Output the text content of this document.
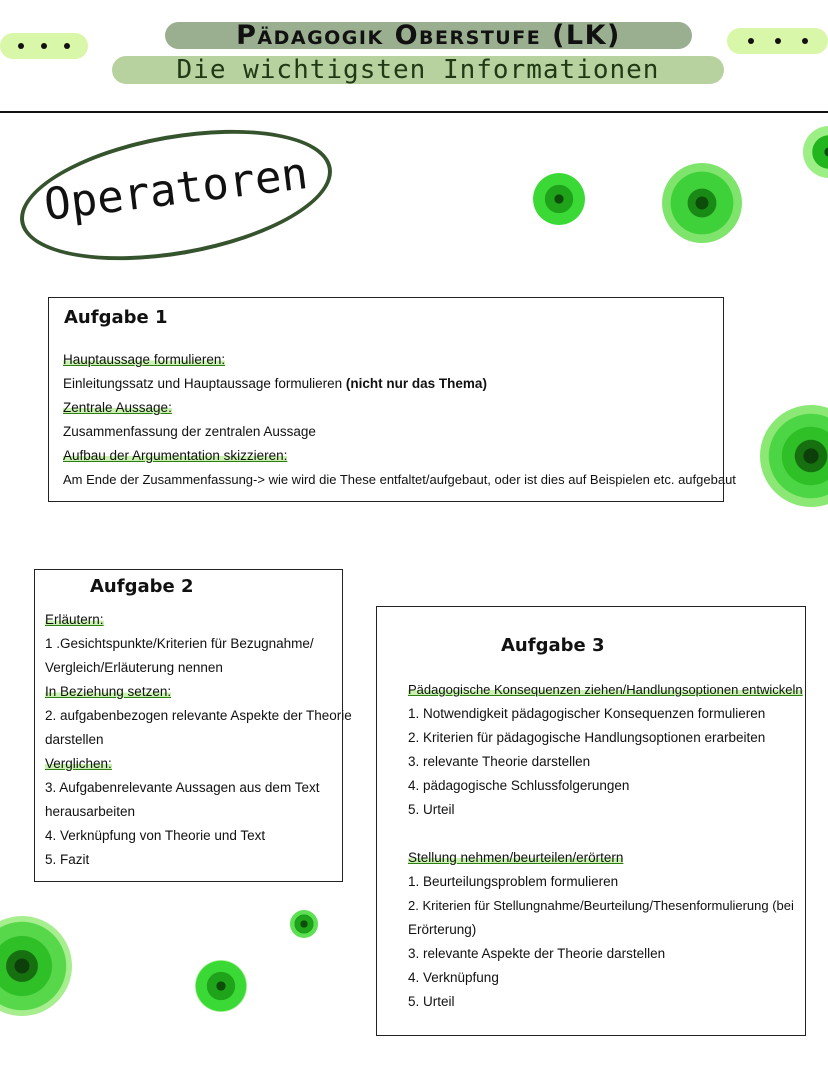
Pädagogik Oberstufe (LK)
Die wichtigsten Informationen
Operatoren
Aufgabe 1
Hauptaussage formulieren:
Einleitungssatz und Hauptaussage formulieren (nicht nur das Thema)
Zentrale Aussage:
Zusammenfassung der zentralen Aussage
Aufbau der Argumentation skizzieren:
Am Ende der Zusammenfassung-> wie wird die These entfaltet/aufgebaut, oder ist dies auf Beispielen etc. aufgebaut
Aufgabe 2
Erläutern:
1 .Gesichtspunkte/Kriterien für Bezugnahme/
Vergleich/Erläuterung nennen
In Beziehung setzen:
2. aufgabenbezogen relevante Aspekte der Theorie
darstellen
Verglichen:
3. Aufgabenrelevante Aussagen aus dem Text
herausarbeiten
4. Verknüpfung von Theorie und Text
5. Fazit
Aufgabe 3
Pädagogische Konsequenzen ziehen/Handlungsoptionen entwickeln
1. Notwendigkeit pädagogischer Konsequenzen formulieren
2. Kriterien für pädagogische Handlungsoptionen erarbeiten
3. relevante Theorie darstellen
4. pädagogische Schlussfolgerungen
5. Urteil
Stellung nehmen/beurteilen/erörtern
1. Beurteilungsproblem formulieren
2. Kriterien für Stellungnahme/Beurteilung/Thesenformulierung (bei
Erörterung)
3. relevante Aspekte der Theorie darstellen
4. Verknüpfung
5. Urteil
